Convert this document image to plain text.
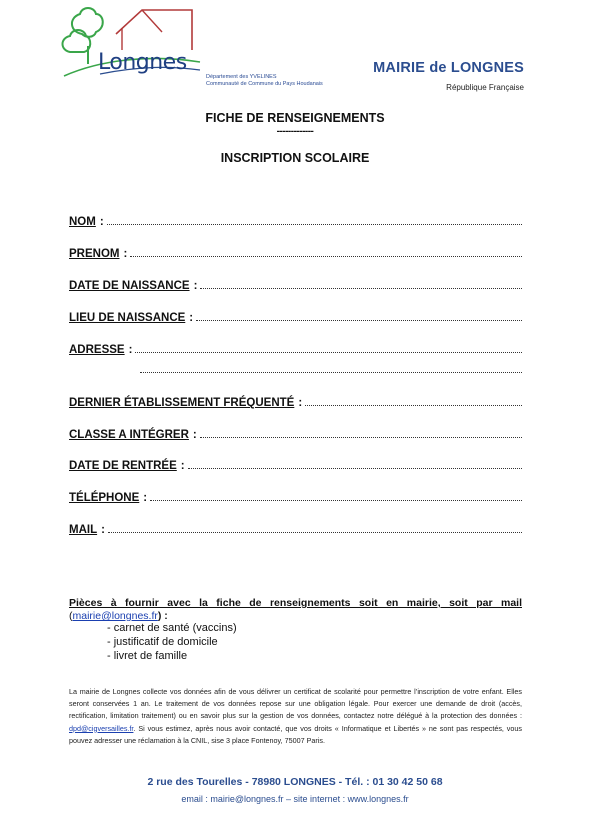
Longnes
Département des YVELINES
Communauté de Commune du Pays Houdanais
MAIRIE de LONGNES
République Française
FICHE DE RENSEIGNEMENTS
-------------
INSCRIPTION SCOLAIRE
NOM :
PRENOM :
DATE DE NAISSANCE :
LIEU DE NAISSANCE :
ADRESSE :
DERNIER ÉTABLISSEMENT FRÉQUENTÉ :
CLASSE A INTÉGRER :
DATE DE RENTRÉE :
TÉLÉPHONE :
MAIL :
Pièces à fournir avec la fiche de renseignements soit en mairie, soit par mail
(mairie@longnes.fr) :
- carnet de santé (vaccins)
- justificatif de domicile
- livret de famille
La mairie de Longnes collecte vos données afin de vous délivrer un certificat de scolarité pour permettre l’inscription de votre enfant. Elles seront conservées 1 an. Le traitement de vos données repose sur une obligation légale. Pour exercer une demande de droit (accès, rectification, limitation traitement) ou en savoir plus sur la gestion de vos données, contactez notre délégué à la protection des données : dpd@cigversailles.fr. Si vous estimez, après nous avoir contacté, que vos droits « Informatique et Libertés » ne sont pas respectés, vous pouvez adresser une réclamation à la CNIL, sise 3 place Fontenoy, 75007 Paris.
2 rue des Tourelles - 78980 LONGNES - Tél. : 01 30 42 50 68
email : mairie@longnes.fr – site internet : www.longnes.fr
